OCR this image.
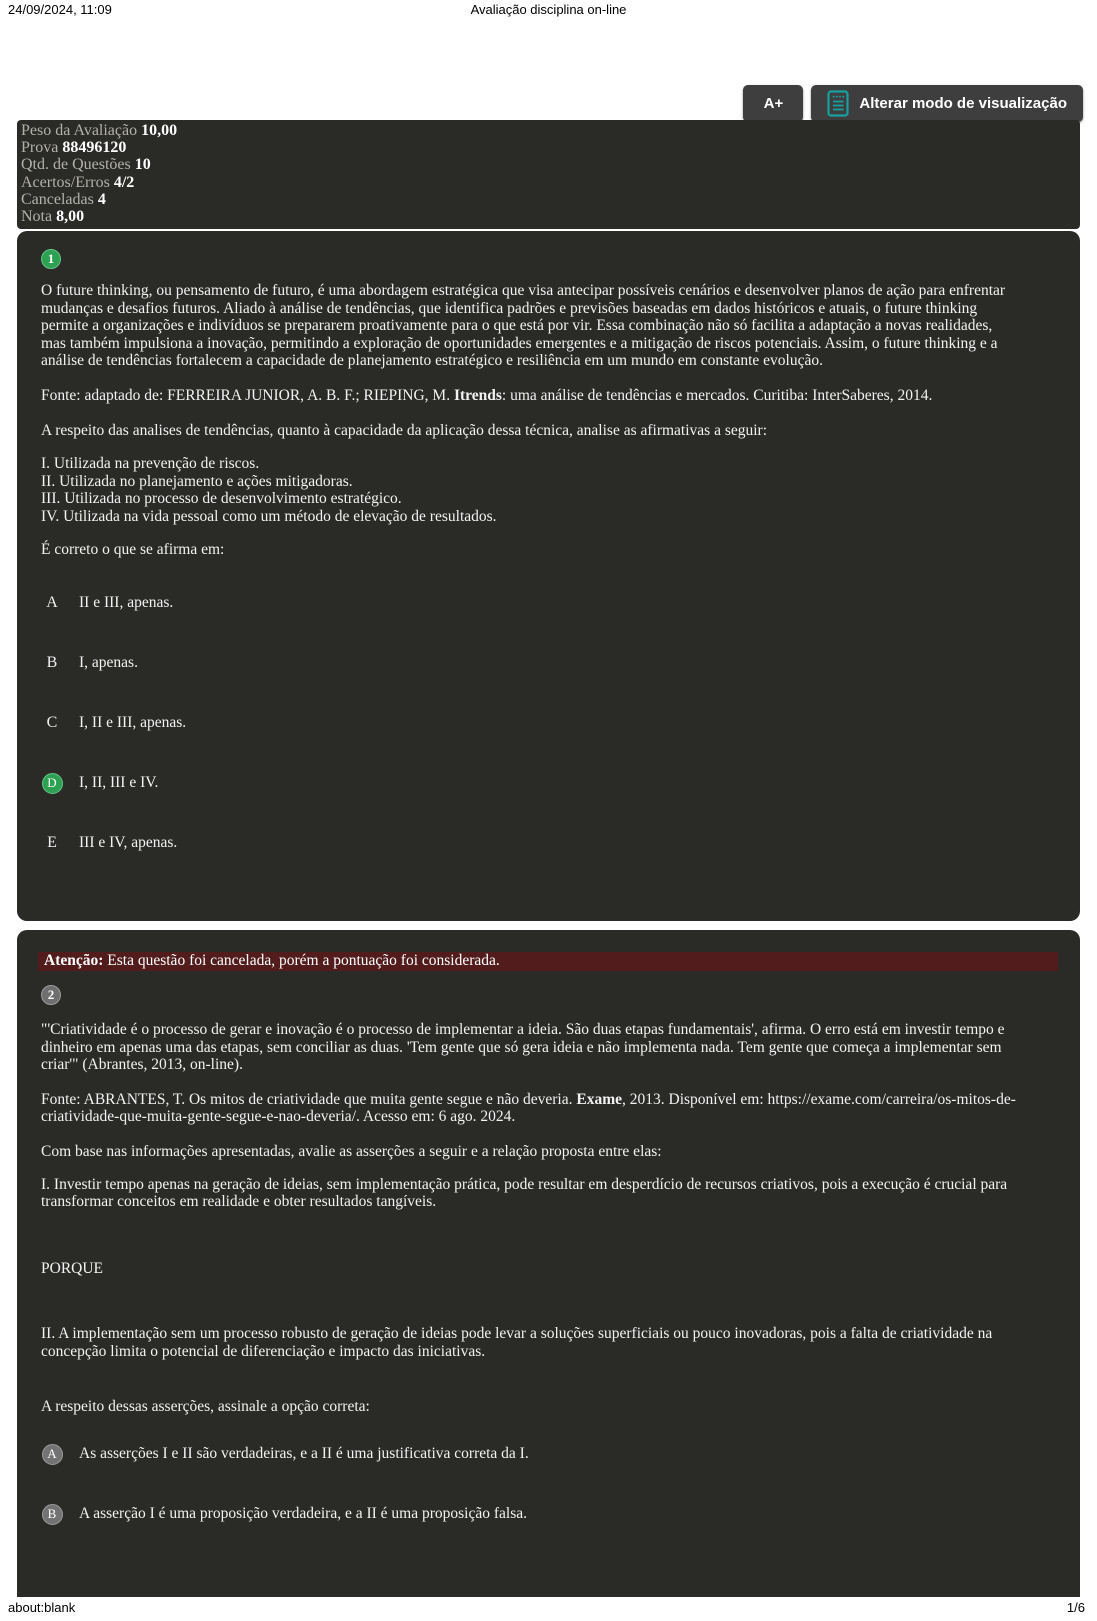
24/09/2024, 11:09	Avaliação disciplina on-line
A+	Alterar modo de visualização
Peso da Avaliação 10,00
Prova 88496120
Qtd. de Questões 10
Acertos/Erros 4/2
Canceladas 4
Nota 8,00
1

O future thinking, ou pensamento de futuro, é uma abordagem estratégica que visa antecipar possíveis cenários e desenvolver planos de ação para enfrentar mudanças e desafios futuros. Aliado à análise de tendências, que identifica padrões e previsões baseadas em dados históricos e atuais, o future thinking permite a organizações e indivíduos se prepararem proativamente para o que está por vir. Essa combinação não só facilita a adaptação a novas realidades, mas também impulsiona a inovação, permitindo a exploração de oportunidades emergentes e a mitigação de riscos potenciais. Assim, o future thinking e a análise de tendências fortalecem a capacidade de planejamento estratégico e resiliência em um mundo em constante evolução.

Fonte: adaptado de: FERREIRA JUNIOR, A. B. F.; RIEPING, M. Itrends: uma análise de tendências e mercados. Curitiba: InterSaberes, 2014.

A respeito das analises de tendências, quanto à capacidade da aplicação dessa técnica, analise as afirmativas a seguir:

I. Utilizada na prevenção de riscos.

II. Utilizada no planejamento e ações mitigadoras.

III. Utilizada no processo de desenvolvimento estratégico.

IV. Utilizada na vida pessoal como um método de elevação de resultados.

É correto o que se afirma em:

A II e III, apenas.
B I, apenas.
C I, II e III, apenas.
D	I, II, III e IV.
E III e IV, apenas.
Atenção: Esta questão foi cancelada, porém a pontuação foi considerada.
2

"'Criatividade é o processo de gerar e inovação é o processo de implementar a ideia. São duas etapas fundamentais', afirma. O erro está em investir tempo e dinheiro em apenas uma das etapas, sem conciliar as duas. 'Tem gente que só gera ideia e não implementa nada. Tem gente que começa a implementar sem criar'" (Abrantes, 2013, on-line).

Fonte: ABRANTES, T. Os mitos de criatividade que muita gente segue e não deveria. Exame, 2013. Disponível em: https://exame.com/carreira/os-mitos-de-criatividade-que-muita-gente-segue-e-nao-deveria/. Acesso em: 6 ago. 2024.

Com base nas informações apresentadas, avalie as asserções a seguir e a relação proposta entre elas:

I. Investir tempo apenas na geração de ideias, sem implementação prática, pode resultar em desperdício de recursos criativos, pois a execução é crucial para transformar conceitos em realidade e obter resultados tangíveis.

PORQUE

II. A implementação sem um processo robusto de geração de ideias pode levar a soluções superficiais ou pouco inovadoras, pois a falta de criatividade na concepção limita o potencial de diferenciação e impacto das iniciativas.

A respeito dessas asserções, assinale a opção correta:

A	As asserções I e II são verdadeiras, e a II é uma justificativa correta da I.
B	A asserção I é uma proposição verdadeira, e a II é uma proposição falsa.
about:blank	1/6
